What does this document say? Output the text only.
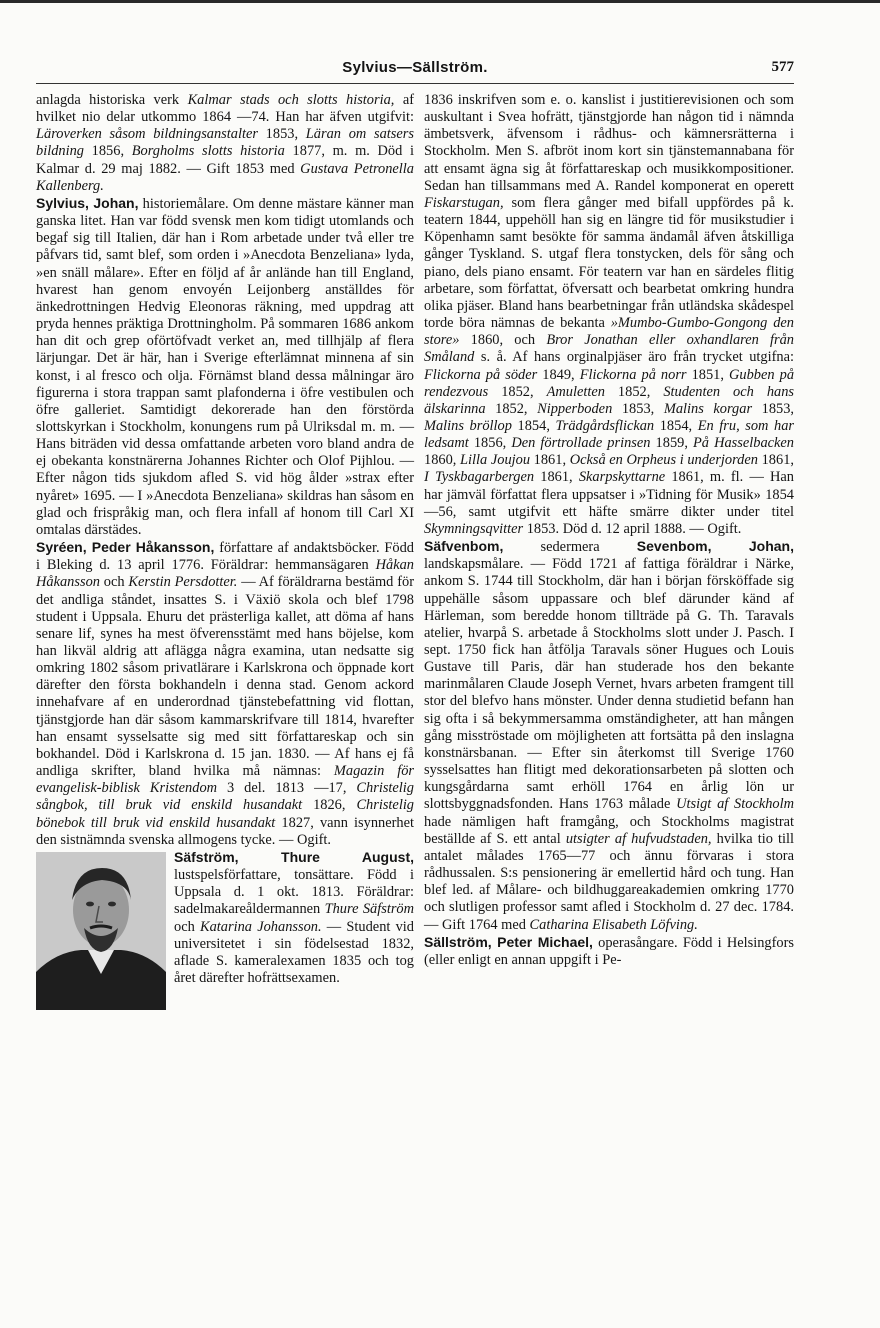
Sylvius—Sällström.	577

anlagda historiska verk Kalmar stads och slotts historia, af hvilket nio delar utkommo 1864 —74. Han har äfven utgifvit: Läroverken såsom bildningsanstalter 1853, Läran om satsers bildning 1856, Borgholms slotts historia 1877, m. m. Död i Kalmar d. 29 maj 1882. — Gift 1853 med Gustava Petronella Kallenberg.

Sylvius, Johan, historiemålare. Om denne mästare känner man ganska litet. Han var född svensk men kom tidigt utomlands och begaf sig till Italien, där han i Rom arbetade under två eller tre påfvars tid, samt blef, som orden i »Anecdota Benzeliana» lyda, »en snäll målare». Efter en följd af år anlände han till England, hvarest han genom envoyén Leijonberg anställdes för änkedrottningen Hedvig Eleonoras räkning, med uppdrag att pryda hennes präktiga Drottningholm. På sommaren 1686 ankom han dit och grep oförtöfvadt verket an, med tillhjälp af flera lärjungar. Det är här, han i Sverige efterlämnat minnena af sin konst, i al fresco och olja. Förnämst bland dessa målningar äro figurerna i stora trappan samt plafonderna i öfre vestibulen och öfre galleriet. Samtidigt dekorerade han den förstörda slottskyrkan i Stockholm, konungens rum på Ulriksdal m. m. — Hans biträden vid dessa omfattande arbeten voro bland andra de ej obekanta konstnärerna Johannes Richter och Olof Pijhlou. — Efter någon tids sjukdom afled S. vid hög ålder »strax efter nyåret» 1695. — I »Anecdota Benzeliana» skildras han såsom en glad och frispråkig man, och flera infall af honom till Carl XI omtalas därstädes.

Syréen, Peder Håkansson, författare af andaktsböcker. Född i Bleking d. 13 april 1776. Föräldrar: hemmansägaren Håkan Håkansson och Kerstin Persdotter. — Af föräldrarna bestämd för det andliga ståndet, insattes S. i Växiö skola och blef 1798 student i Uppsala. Ehuru det prästerliga kallet, att döma af hans senare lif, synes ha mest öfverensstämt med hans böjelse, kom han likväl aldrig att aflägga några examina, utan nedsatte sig omkring 1802 såsom privatlärare i Karlskrona och öppnade kort därefter den första bokhandeln i denna stad. Genom ackord innehafvare af en underordnad tjänstebefattning vid flottan, tjänstgjorde han där såsom kammarskrifvare till 1814, hvarefter han ensamt sysselsatte sig med sitt författareskap och sin bokhandel. Död i Karlskrona d. 15 jan. 1830. — Af hans ej få andliga skrifter, bland hvilka må nämnas: Magazin för evangelisk-biblisk Kristendom 3 del. 1813 —17, Christelig sångbok, till bruk vid enskild husandakt 1826, Christelig bönebok till bruk vid enskild husandakt 1827, vann isynnerhet den sistnämnda svenska allmogens tycke. — Ogift.

Säfström, Thure August,
lustspelsförfattare, tonsättare. Född i Uppsala d. 1 okt. 1813. Föräldrar: sadelmakareåldermannen Thure Säfström och Katarina Johansson. — Student vid universitetet i sin födelsestad 1832, aflade S. kameralexamen 1835 och tog året därefter hofrättsexamen.

1836 inskrifven som e. o. kanslist i justitierevisionen och som auskultant i Svea hofrätt, tjänstgjorde han någon tid i nämnda ämbetsverk, äfvensom i rådhus- och kämnersrätterna i Stockholm. Men S. afbröt inom kort sin tjänstemannabana för att ensamt ägna sig åt författareskap och musikkompositioner. Sedan han tillsammans med A. Randel komponerat en operett Fiskarstugan, som flera gånger med bifall uppfördes på k. teatern 1844, uppehöll han sig en längre tid för musikstudier i Köpenhamn samt besökte för samma ändamål äfven åtskilliga gånger Tyskland. S. utgaf flera tonstycken, dels för sång och piano, dels piano ensamt. För teatern var han en särdeles flitig arbetare, som författat, öfversatt och bearbetat omkring hundra olika pjäser. Bland hans bearbetningar från utländska skådespel torde böra nämnas de bekanta »Mumbo-Gumbo-Gongong den store» 1860, och Bror Jonathan eller oxhandlaren från Småland s. å. Af hans orginalpjäser äro från trycket utgifna: Flickorna på söder 1849, Flickorna på norr 1851, Gubben på rendezvous 1852, Amuletten 1852, Studenten och hans älskarinna 1852, Nipperboden 1853, Malins korgar 1853, Malins bröllop 1854, Trädgårdsflickan 1854, En fru, som har ledsamt 1856, Den förtrollade prinsen 1859, På Hasselbacken 1860, Lilla Joujou 1861, Också en Orpheus i underjorden 1861, I Tyskbagarbergen 1861, Skarpskyttarne 1861, m. fl. — Han har jämväl författat flera uppsatser i »Tidning för Musik» 1854—56, samt utgifvit ett häfte smärre dikter under titel Skymningsqvitter 1853. Död d. 12 april 1888. — Ogift.

Säfvenbom, sedermera Sevenbom, Johan, landskapsmålare. — Född 1721 af fattiga föräldrar i Närke, ankom S. 1744 till Stockholm, där han i början försköffade sig uppehälle såsom uppassare och blef därunder känd af Härleman, som beredde honom tillträde på G. Th. Taravals atelier, hvarpå S. arbetade å Stockholms slott under J. Pasch. I sept. 1750 fick han åtfölja Taravals söner Hugues och Louis Gustave till Paris, där han studerade hos den bekante marinmålaren Claude Joseph Vernet, hvars arbeten framgent till stor del blefvo hans mönster. Under denna studietid befann han sig ofta i så bekymmersamma omständigheter, att han mången gång misströstade om möjligheten att fortsätta på den inslagna konstnärsbanan. — Efter sin återkomst till Sverige 1760 sysselsattes han flitigt med dekorationsarbeten på slotten och kungsgårdarna samt erhöll 1764 en årlig lön ur slottsbyggnadsfonden. Hans 1763 målade Utsigt af Stockholm hade nämligen haft framgång, och Stockholms magistrat beställde af S. ett antal utsigter af hufvudstaden, hvilka tio till antalet målades 1765—77 och ännu förvaras i stora rådhussalen. S:s pensionering är emellertid hård och tung. Han blef led. af Målare- och bildhuggareakademien omkring 1770 och slutligen professor samt afled i Stockholm d. 27 dec. 1784. — Gift 1764 med Catharina Elisabeth Löfving.

Sällström, Peter Michael, operasångare. Född i Helsingfors (eller enligt en annan uppgift i Pe-
